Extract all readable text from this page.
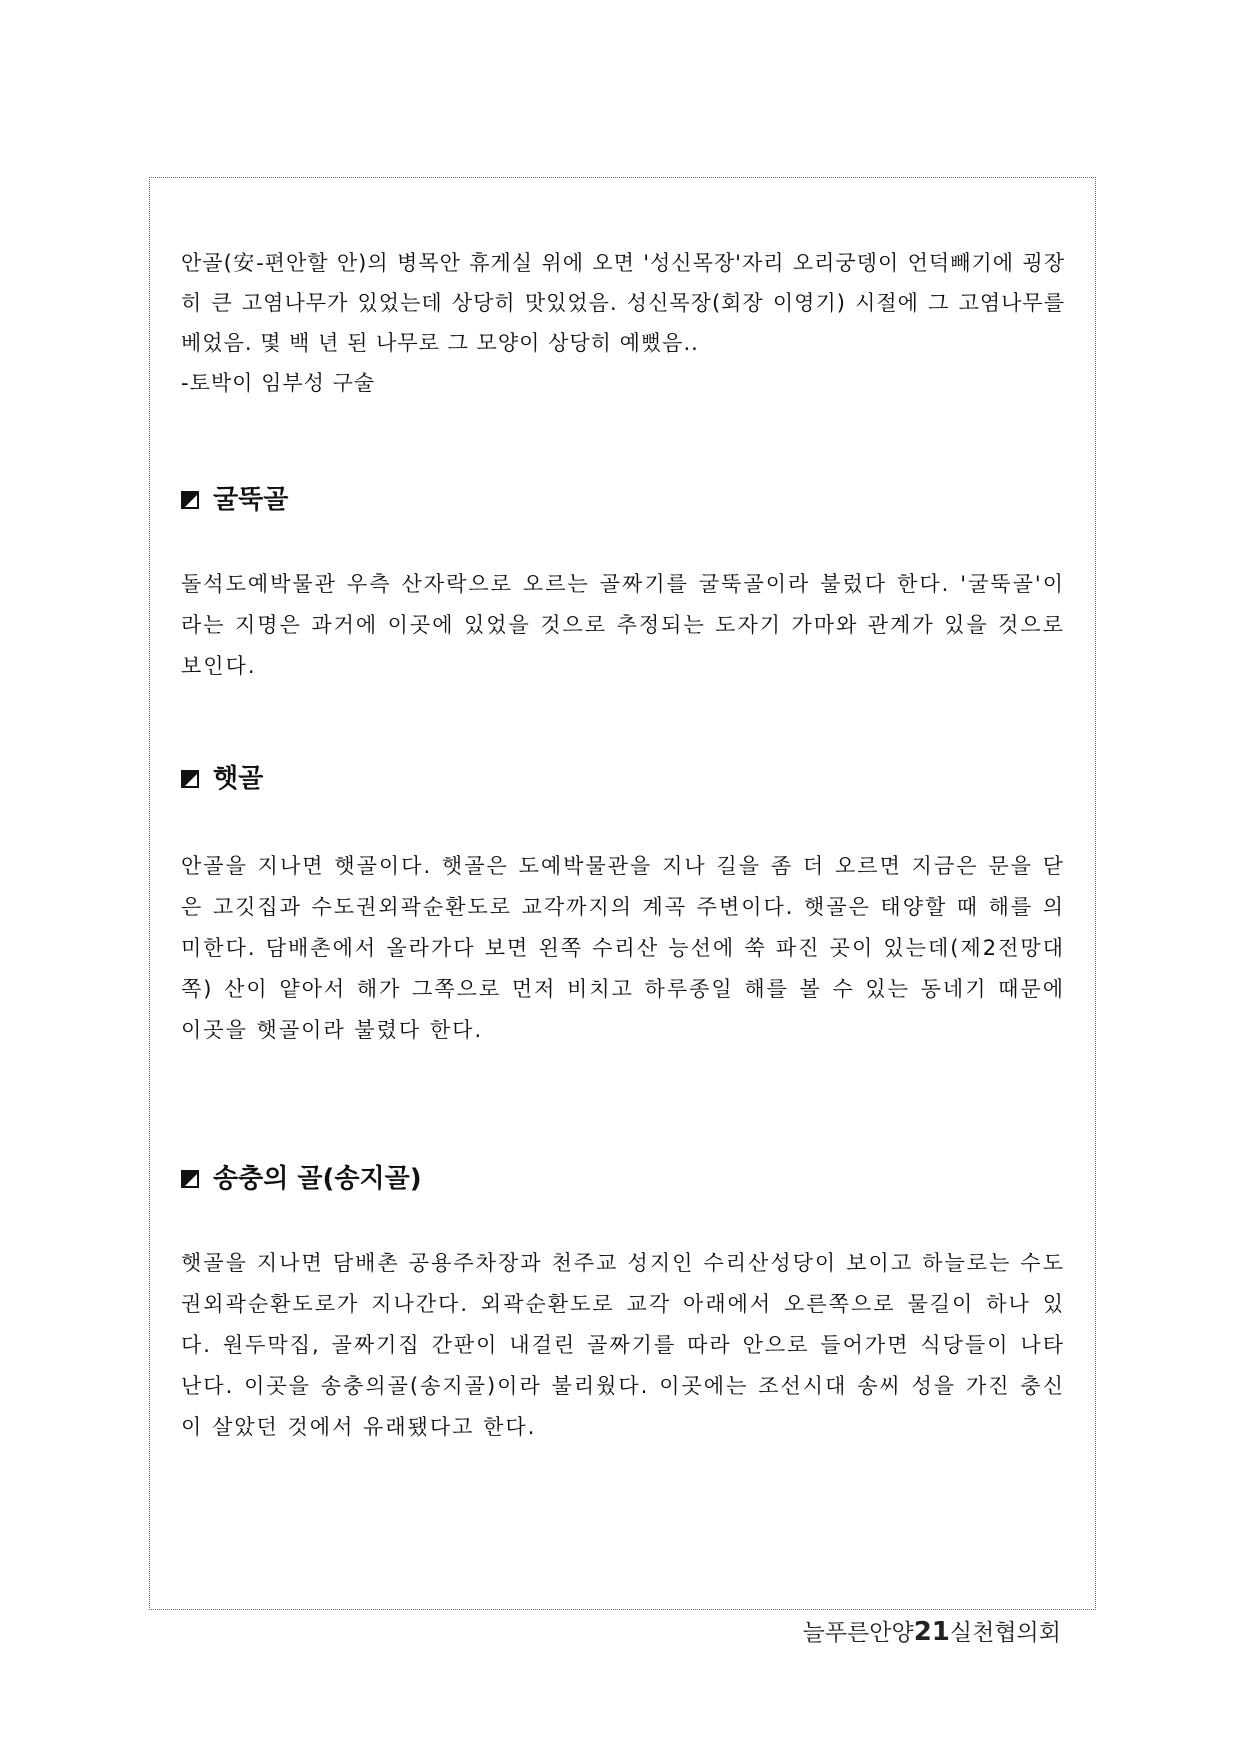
안골(安-편안할 안)의 병목안 휴게실 위에 오면 '성신목장'자리 오리궁뎅이 언덕빼기에 굉장히 큰 고염나무가 있었는데 상당히 맛있었음. 성신목장(회장 이영기) 시절에 그 고염나무를 베었음. 몇 백 년 된 나무로 그 모양이 상당히 예뻤음..

-토박이 임부성 구술

굴뚝골

돌석도예박물관 우측 산자락으로 오르는 골짜기를 굴뚝골이라 불렀다 한다. '굴뚝골'이라는 지명은 과거에 이곳에 있었을 것으로 추정되는 도자기 가마와 관계가 있을 것으로 보인다.

햇골

안골을 지나면 햇골이다. 햇골은 도예박물관을 지나 길을 좀 더 오르면 지금은 문을 닫은 고깃집과 수도권외곽순환도로 교각까지의 계곡 주변이다. 햇골은 태양할 때 해를 의미한다. 담배촌에서 올라가다 보면 왼쪽 수리산 능선에 쑥 파진 곳이 있는데(제2전망대쪽) 산이 얕아서 해가 그쪽으로 먼저 비치고 하루종일 해를 볼 수 있는 동네기 때문에 이곳을 햇골이라 불렸다 한다.

송충의 골(송지골)

햇골을 지나면 담배촌 공용주차장과 천주교 성지인 수리산성당이 보이고 하늘로는 수도권외곽순환도로가 지나간다. 외곽순환도로 교각 아래에서 오른쪽으로 물길이 하나 있다. 원두막집, 골짜기집 간판이 내걸린 골짜기를 따라 안으로 들어가면 식당들이 나타난다. 이곳을 송충의골(송지골)이라 불리웠다. 이곳에는 조선시대 송씨 성을 가진 충신이 살았던 것에서 유래됐다고 한다.

늘푸른안양21실천협의회
